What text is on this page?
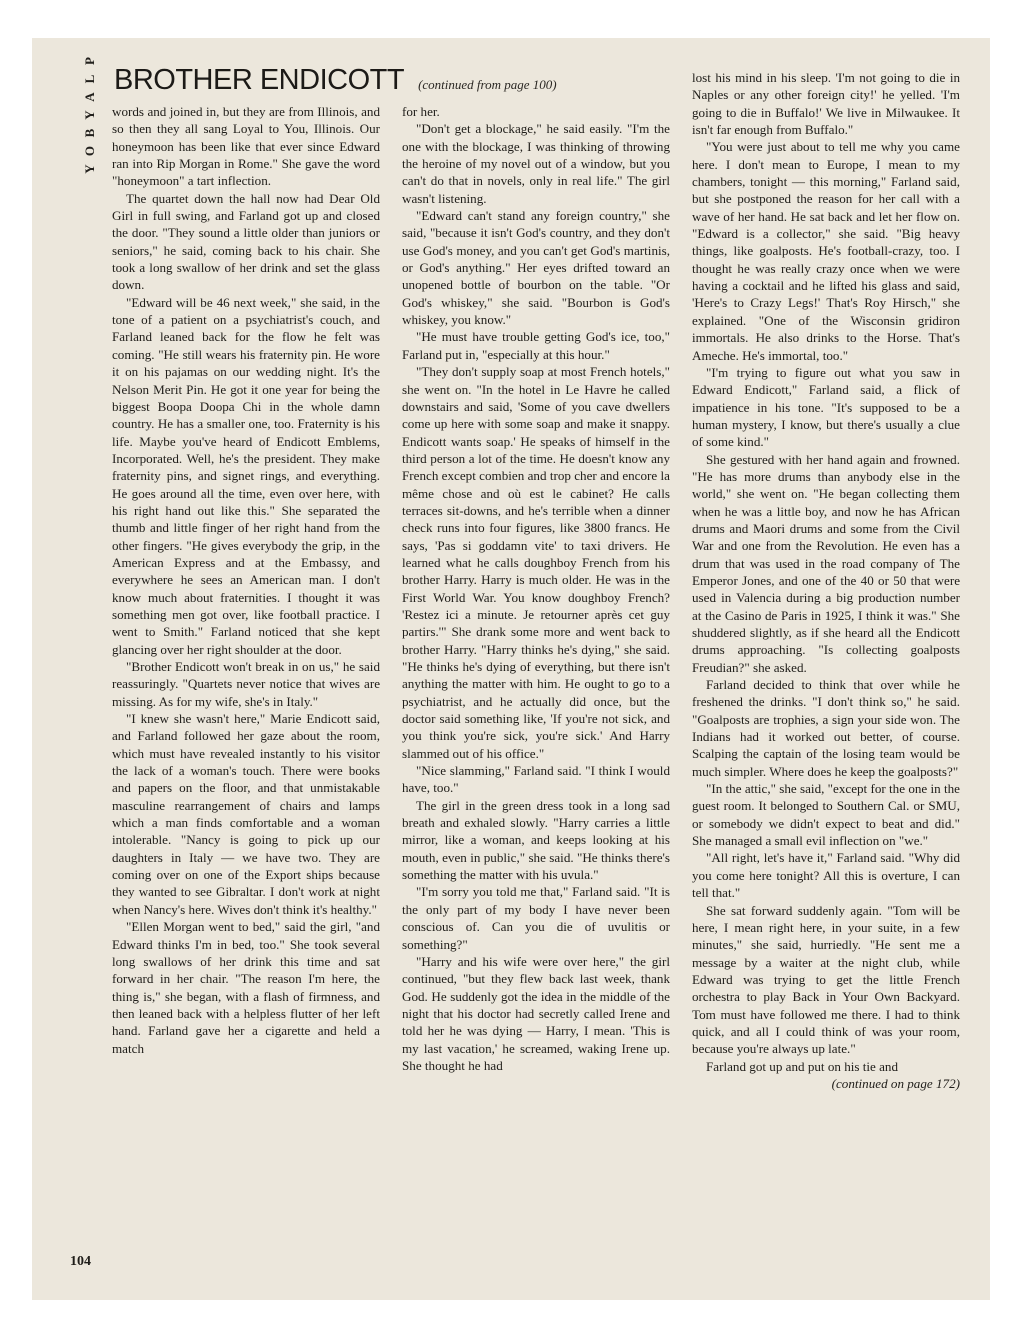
P
L
A
Y
B
O
Y

BROTHER ENDICOTT (continued from page 100)

words and joined in, but they are from Illinois, and so then they all sang Loyal to You, Illinois. Our honeymoon has been like that ever since Edward ran into Rip Morgan in Rome." She gave the word "honeymoon" a tart inflection.

The quartet down the hall now had Dear Old Girl in full swing, and Farland got up and closed the door. "They sound a little older than juniors or seniors," he said, coming back to his chair. She took a long swallow of her drink and set the glass down.

"Edward will be 46 next week," she said, in the tone of a patient on a psychiatrist's couch, and Farland leaned back for the flow he felt was coming. "He still wears his fraternity pin. He wore it on his pajamas on our wedding night. It's the Nelson Merit Pin. He got it one year for being the biggest Boopa Doopa Chi in the whole damn country. He has a smaller one, too. Fraternity is his life. Maybe you've heard of Endicott Emblems, Incorporated. Well, he's the president. They make fraternity pins, and signet rings, and everything. He goes around all the time, even over here, with his right hand out like this." She separated the thumb and little finger of her right hand from the other fingers. "He gives everybody the grip, in the American Express and at the Embassy, and everywhere he sees an American man. I don't know much about fraternities. I thought it was something men got over, like football practice. I went to Smith." Farland noticed that she kept glancing over her right shoulder at the door.

"Brother Endicott won't break in on us," he said reassuringly. "Quartets never notice that wives are missing. As for my wife, she's in Italy."

"I knew she wasn't here," Marie Endicott said, and Farland followed her gaze about the room, which must have revealed instantly to his visitor the lack of a woman's touch. There were books and papers on the floor, and that unmistakable masculine rearrangement of chairs and lamps which a man finds comfortable and a woman intolerable. "Nancy is going to pick up our daughters in Italy — we have two. They are coming over on one of the Export ships because they wanted to see Gibraltar. I don't work at night when Nancy's here. Wives don't think it's healthy."

"Ellen Morgan went to bed," said the girl, "and Edward thinks I'm in bed, too." She took several long swallows of her drink this time and sat forward in her chair. "The reason I'm here, the thing is," she began, with a flash of firmness, and then leaned back with a helpless flutter of her left hand. Farland gave her a cigarette and held a match

for her.

"Don't get a blockage," he said easily. "I'm the one with the blockage, I was thinking of throwing the heroine of my novel out of a window, but you can't do that in novels, only in real life." The girl wasn't listening.

"Edward can't stand any foreign country," she said, "because it isn't God's country, and they don't use God's money, and you can't get God's martinis, or God's anything." Her eyes drifted toward an unopened bottle of bourbon on the table. "Or God's whiskey," she said. "Bourbon is God's whiskey, you know."

"He must have trouble getting God's ice, too," Farland put in, "especially at this hour."

"They don't supply soap at most French hotels," she went on. "In the hotel in Le Havre he called downstairs and said, 'Some of you cave dwellers come up here with some soap and make it snappy. Endicott wants soap.' He speaks of himself in the third person a lot of the time. He doesn't know any French except combien and trop cher and encore la même chose and où est le cabinet? He calls terraces sit-downs, and he's terrible when a dinner check runs into four figures, like 3800 francs. He says, 'Pas si goddamn vite' to taxi drivers. He learned what he calls doughboy French from his brother Harry. Harry is much older. He was in the First World War. You know doughboy French? 'Restez ici a minute. Je retourner après cet guy partirs.'" She drank some more and went back to brother Harry. "Harry thinks he's dying," she said. "He thinks he's dying of everything, but there isn't anything the matter with him. He ought to go to a psychiatrist, and he actually did once, but the doctor said something like, 'If you're not sick, and you think you're sick, you're sick.' And Harry slammed out of his office."

"Nice slamming," Farland said. "I think I would have, too."

The girl in the green dress took in a long sad breath and exhaled slowly. "Harry carries a little mirror, like a woman, and keeps looking at his mouth, even in public," she said. "He thinks there's something the matter with his uvula."

"I'm sorry you told me that," Farland said. "It is the only part of my body I have never been conscious of. Can you die of uvulitis or something?"

"Harry and his wife were over here," the girl continued, "but they flew back last week, thank God. He suddenly got the idea in the middle of the night that his doctor had secretly called Irene and told her he was dying — Harry, I mean. 'This is my last vacation,' he screamed, waking Irene up. She thought he had

lost his mind in his sleep. 'I'm not going to die in Naples or any other foreign city!' he yelled. 'I'm going to die in Buffalo!' We live in Milwaukee. It isn't far enough from Buffalo."

"You were just about to tell me why you came here. I don't mean to Europe, I mean to my chambers, tonight — this morning," Farland said, but she postponed the reason for her call with a wave of her hand. He sat back and let her flow on. "Edward is a collector," she said. "Big heavy things, like goalposts. He's football-crazy, too. I thought he was really crazy once when we were having a cocktail and he lifted his glass and said, 'Here's to Crazy Legs!' That's Roy Hirsch," she explained. "One of the Wisconsin gridiron immortals. He also drinks to the Horse. That's Ameche. He's immortal, too."

"I'm trying to figure out what you saw in Edward Endicott," Farland said, a flick of impatience in his tone. "It's supposed to be a human mystery, I know, but there's usually a clue of some kind."

She gestured with her hand again and frowned. "He has more drums than anybody else in the world," she went on. "He began collecting them when he was a little boy, and now he has African drums and Maori drums and some from the Civil War and one from the Revolution. He even has a drum that was used in the road company of The Emperor Jones, and one of the 40 or 50 that were used in Valencia during a big production number at the Casino de Paris in 1925, I think it was." She shuddered slightly, as if she heard all the Endicott drums approaching. "Is collecting goalposts Freudian?" she asked.

Farland decided to think that over while he freshened the drinks. "I don't think so," he said. "Goalposts are trophies, a sign your side won. The Indians had it worked out better, of course. Scalping the captain of the losing team would be much simpler. Where does he keep the goalposts?"

"In the attic," she said, "except for the one in the guest room. It belonged to Southern Cal. or SMU, or somebody we didn't expect to beat and did." She managed a small evil inflection on "we."

"All right, let's have it," Farland said. "Why did you come here tonight? All this is overture, I can tell that."

She sat forward suddenly again. "Tom will be here, I mean right here, in your suite, in a few minutes," she said, hurriedly. "He sent me a message by a waiter at the night club, while Edward was trying to get the little French orchestra to play Back in Your Own Backyard. Tom must have followed me there. I had to think quick, and all I could think of was your room, because you're always up late."

Farland got up and put on his tie and

(continued on page 172)
104
